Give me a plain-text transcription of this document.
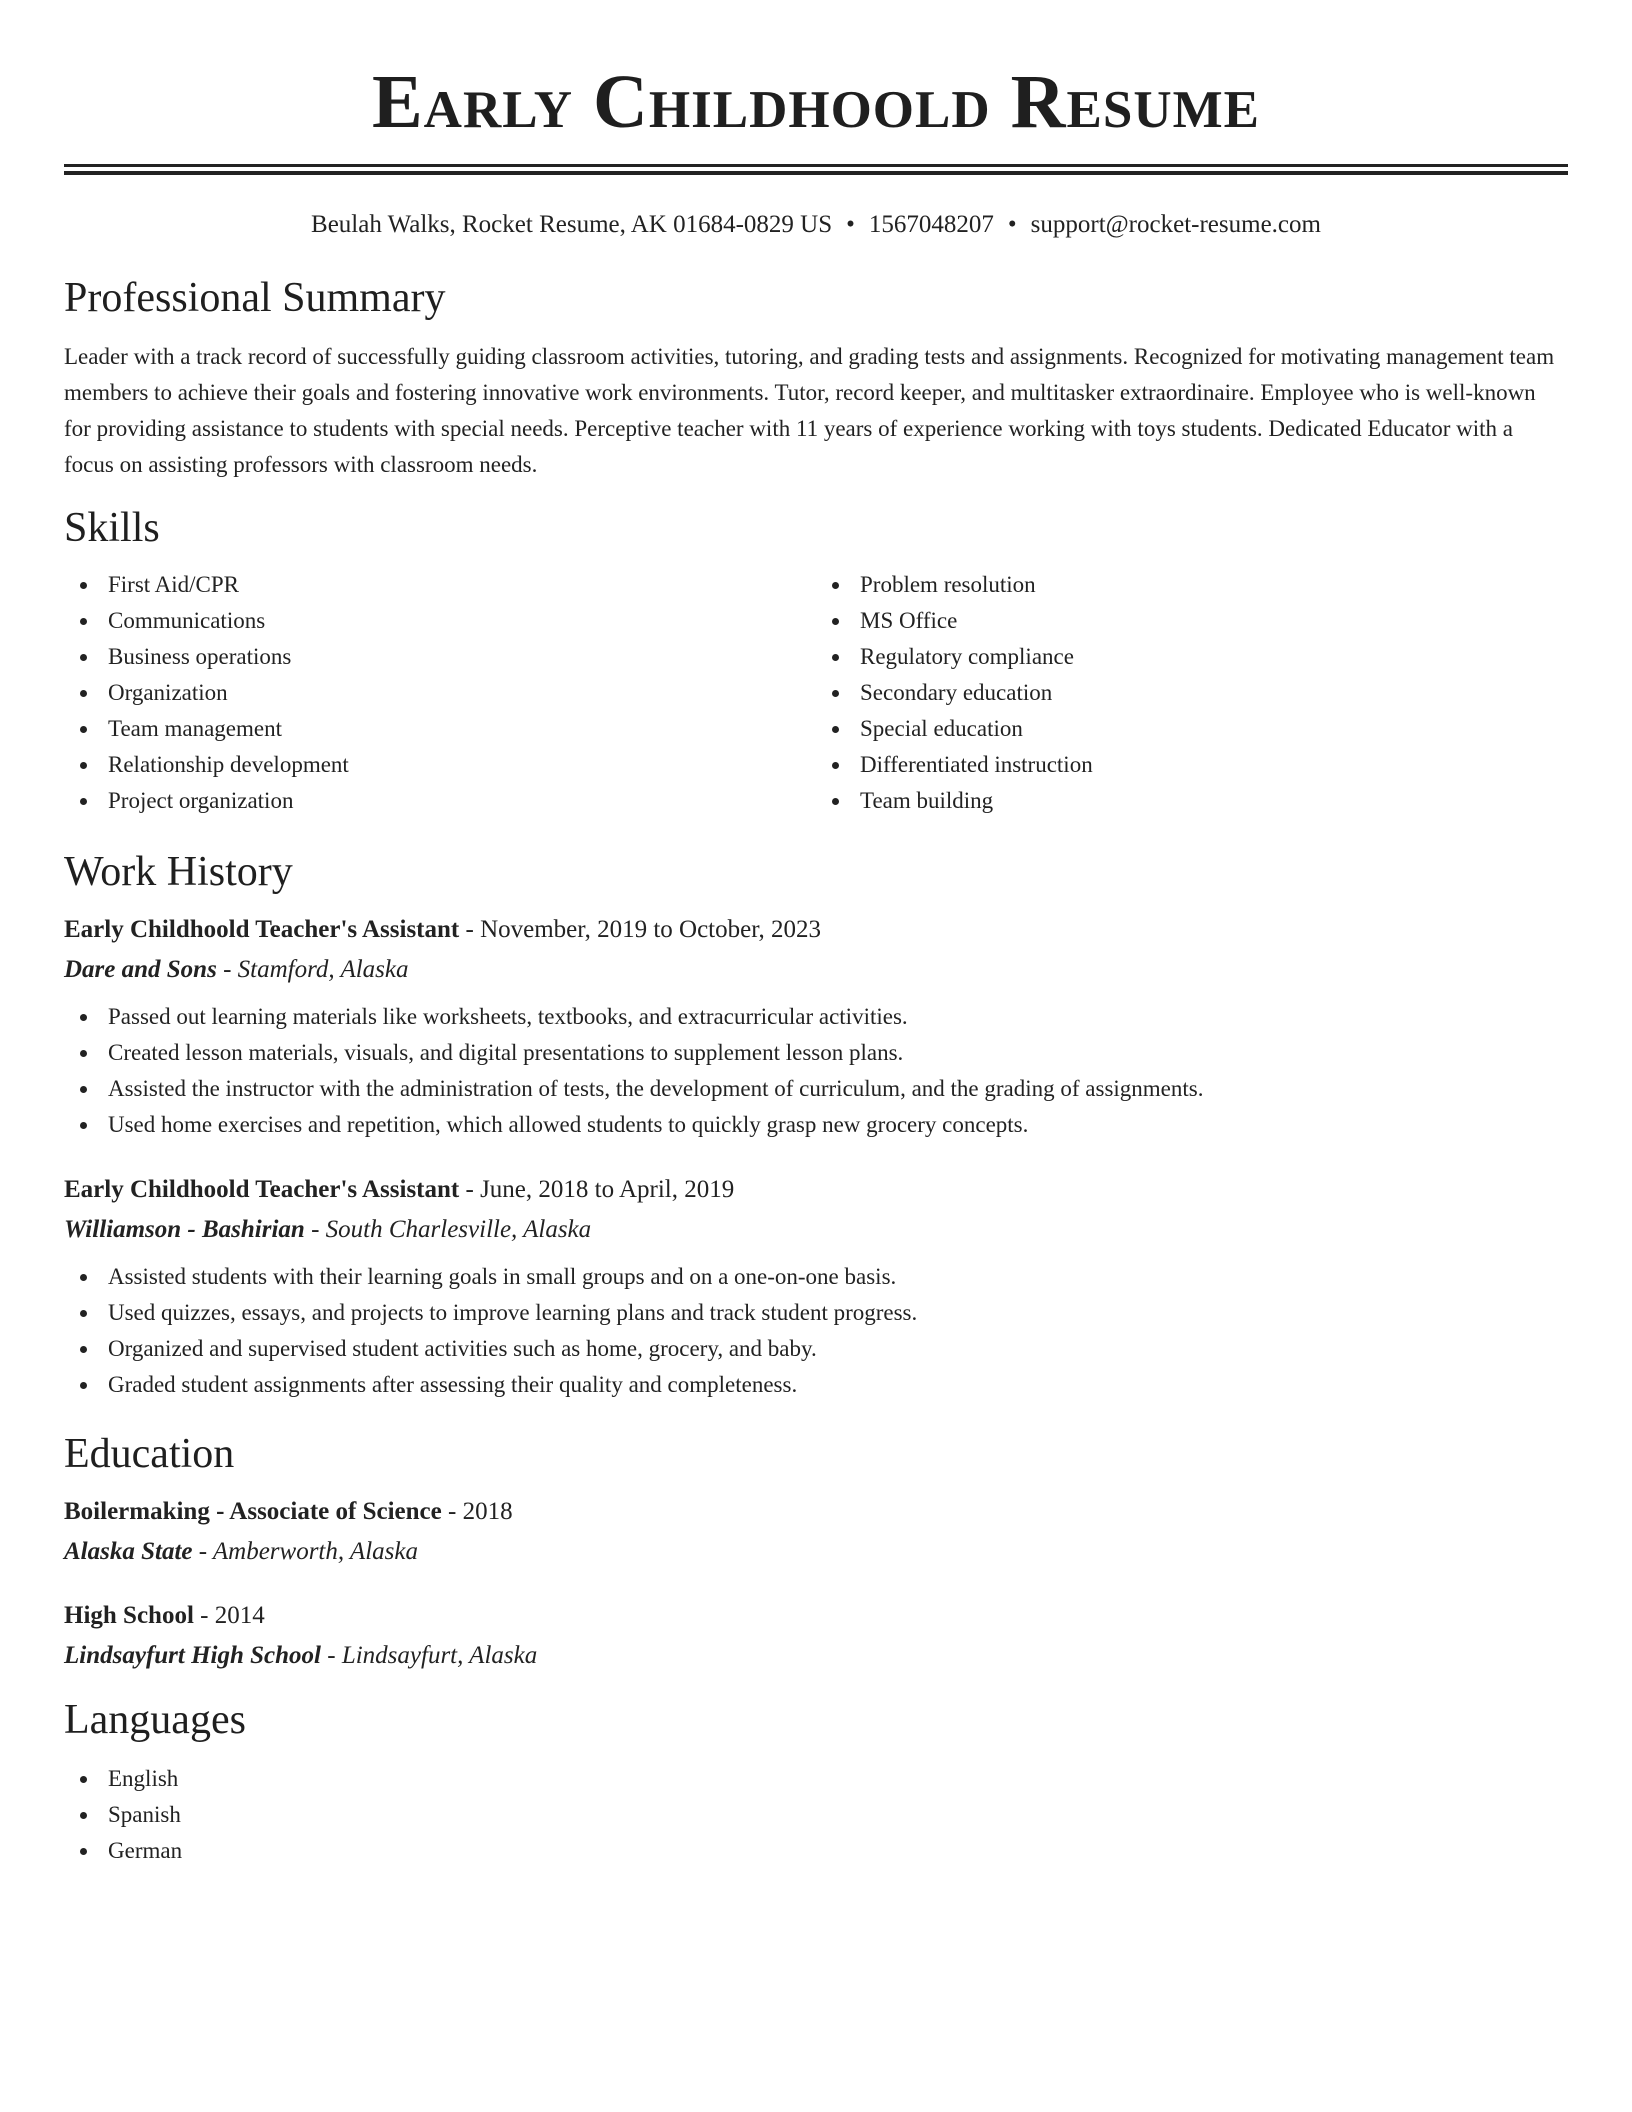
Early Childhoold Resume
Beulah Walks, Rocket Resume, AK 01684-0829 US • 1567048207 • support@rocket-resume.com
Professional Summary

Leader with a track record of successfully guiding classroom activities, tutoring, and grading tests and assignments. Recognized for motivating management team members to achieve their goals and fostering innovative work environments. Tutor, record keeper, and multitasker extraordinaire. Employee who is well-known for providing assistance to students with special needs. Perceptive teacher with 11 years of experience working with toys students. Dedicated Educator with a focus on assisting professors with classroom needs.

Skills
First Aid/CPR
Communications
Business operations
Organization
Team management
Relationship development
Project organization
Problem resolution
MS Office
Regulatory compliance
Secondary education
Special education
Differentiated instruction
Team building
Work History
Early Childhoold Teacher's Assistant - November, 2019 to October, 2023
Dare and Sons - Stamford, Alaska
Passed out learning materials like worksheets, textbooks, and extracurricular activities.
Created lesson materials, visuals, and digital presentations to supplement lesson plans.
Assisted the instructor with the administration of tests, the development of curriculum, and the grading of assignments.
Used home exercises and repetition, which allowed students to quickly grasp new grocery concepts.
Early Childhoold Teacher's Assistant - June, 2018 to April, 2019
Williamson - Bashirian - South Charlesville, Alaska
Assisted students with their learning goals in small groups and on a one-on-one basis.
Used quizzes, essays, and projects to improve learning plans and track student progress.
Organized and supervised student activities such as home, grocery, and baby.
Graded student assignments after assessing their quality and completeness.
Education
Boilermaking - Associate of Science - 2018
Alaska State - Amberworth, Alaska
High School - 2014
Lindsayfurt High School - Lindsayfurt, Alaska
Languages
English
Spanish
German
